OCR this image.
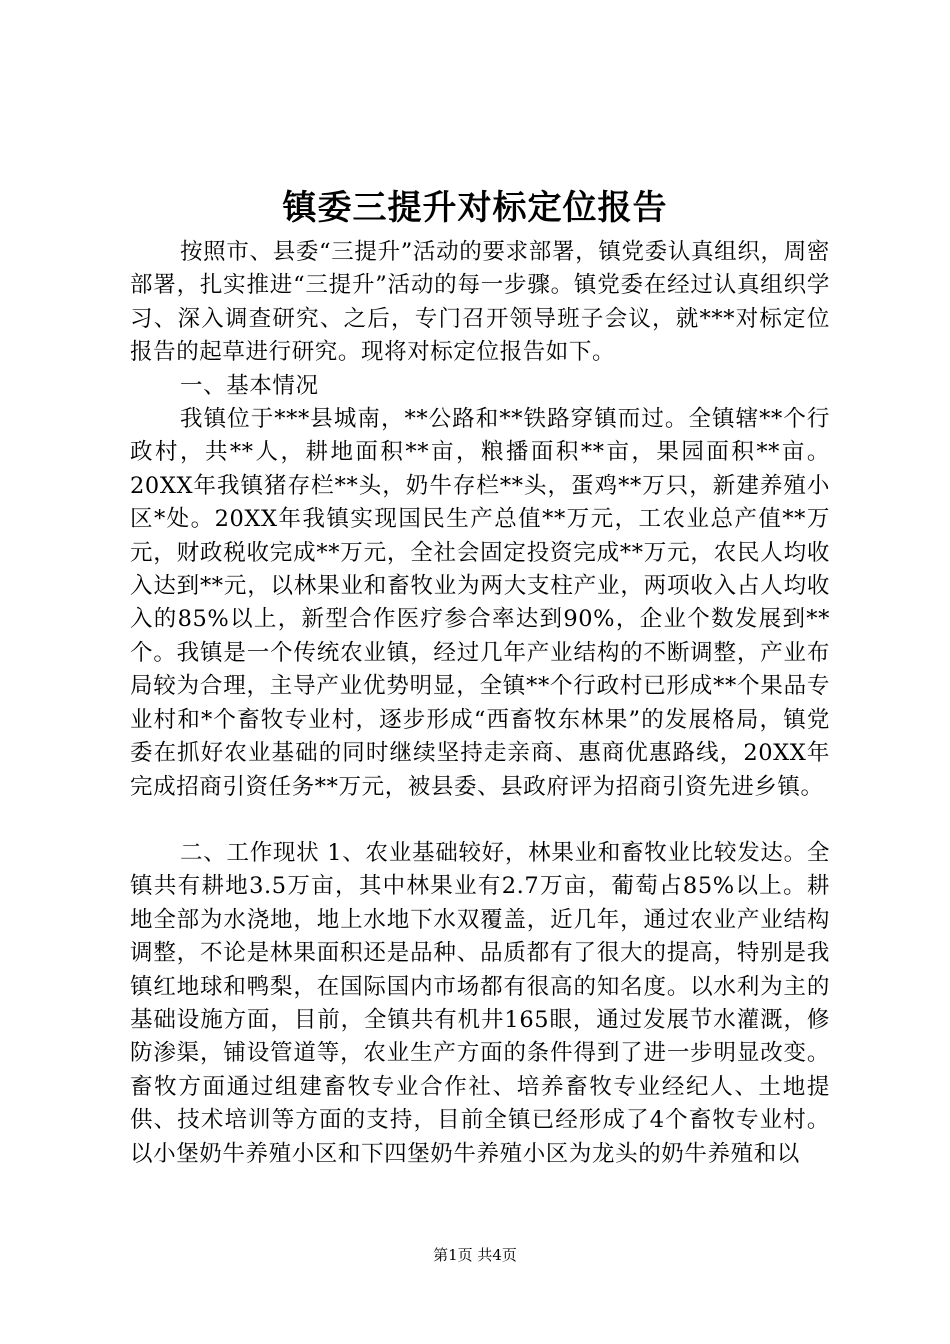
镇委三提升对标定位报告

按照市、县委“三提升”活动的要求部署，镇党委认真组织，周密部署，扎实推进“三提升”活动的每一步骤。镇党委在经过认真组织学习、深入调查研究、之后，专门召开领导班子会议，就***对标定位报告的起草进行研究。现将对标定位报告如下。

一、基本情况

我镇位于***县城南，**公路和**铁路穿镇而过。全镇辖**个行政村，共**人，耕地面积**亩，粮播面积**亩，果园面积**亩。20XX年我镇猪存栏**头，奶牛存栏**头，蛋鸡**万只，新建养殖小区*处。20XX年我镇实现国民生产总值**万元，工农业总产值**万元，财政税收完成**万元，全社会固定投资完成**万元，农民人均收入达到**元，以林果业和畜牧业为两大支柱产业，两项收入占人均收入的85%以上，新型合作医疗参合率达到90%，企业个数发展到**个。我镇是一个传统农业镇，经过几年产业结构的不断调整，产业布局较为合理，主导产业优势明显，全镇**个行政村已形成**个果品专业村和*个畜牧专业村，逐步形成“西畜牧东林果”的发展格局，镇党委在抓好农业基础的同时继续坚持走亲商、惠商优惠路线，20XX年完成招商引资任务**万元，被县委、县政府评为招商引资先进乡镇。

二、工作现状 1、农业基础较好，林果业和畜牧业比较发达。全镇共有耕地3.5万亩，其中林果业有2.7万亩，葡萄占85%以上。耕地全部为水浇地，地上水地下水双覆盖，近几年，通过农业产业结构调整，不论是林果面积还是品种、品质都有了很大的提高，特别是我镇红地球和鸭梨，在国际国内市场都有很高的知名度。以水利为主的基础设施方面，目前，全镇共有机井165眼，通过发展节水灌溉，修防渗渠，铺设管道等，农业生产方面的条件得到了进一步明显改变。畜牧方面通过组建畜牧专业合作社、培养畜牧专业经纪人、土地提供、技术培训等方面的支持，目前全镇已经形成了4个畜牧专业村。以小堡奶牛养殖小区和下四堡奶牛养殖小区为龙头的奶牛养殖和以

第1页 共4页
